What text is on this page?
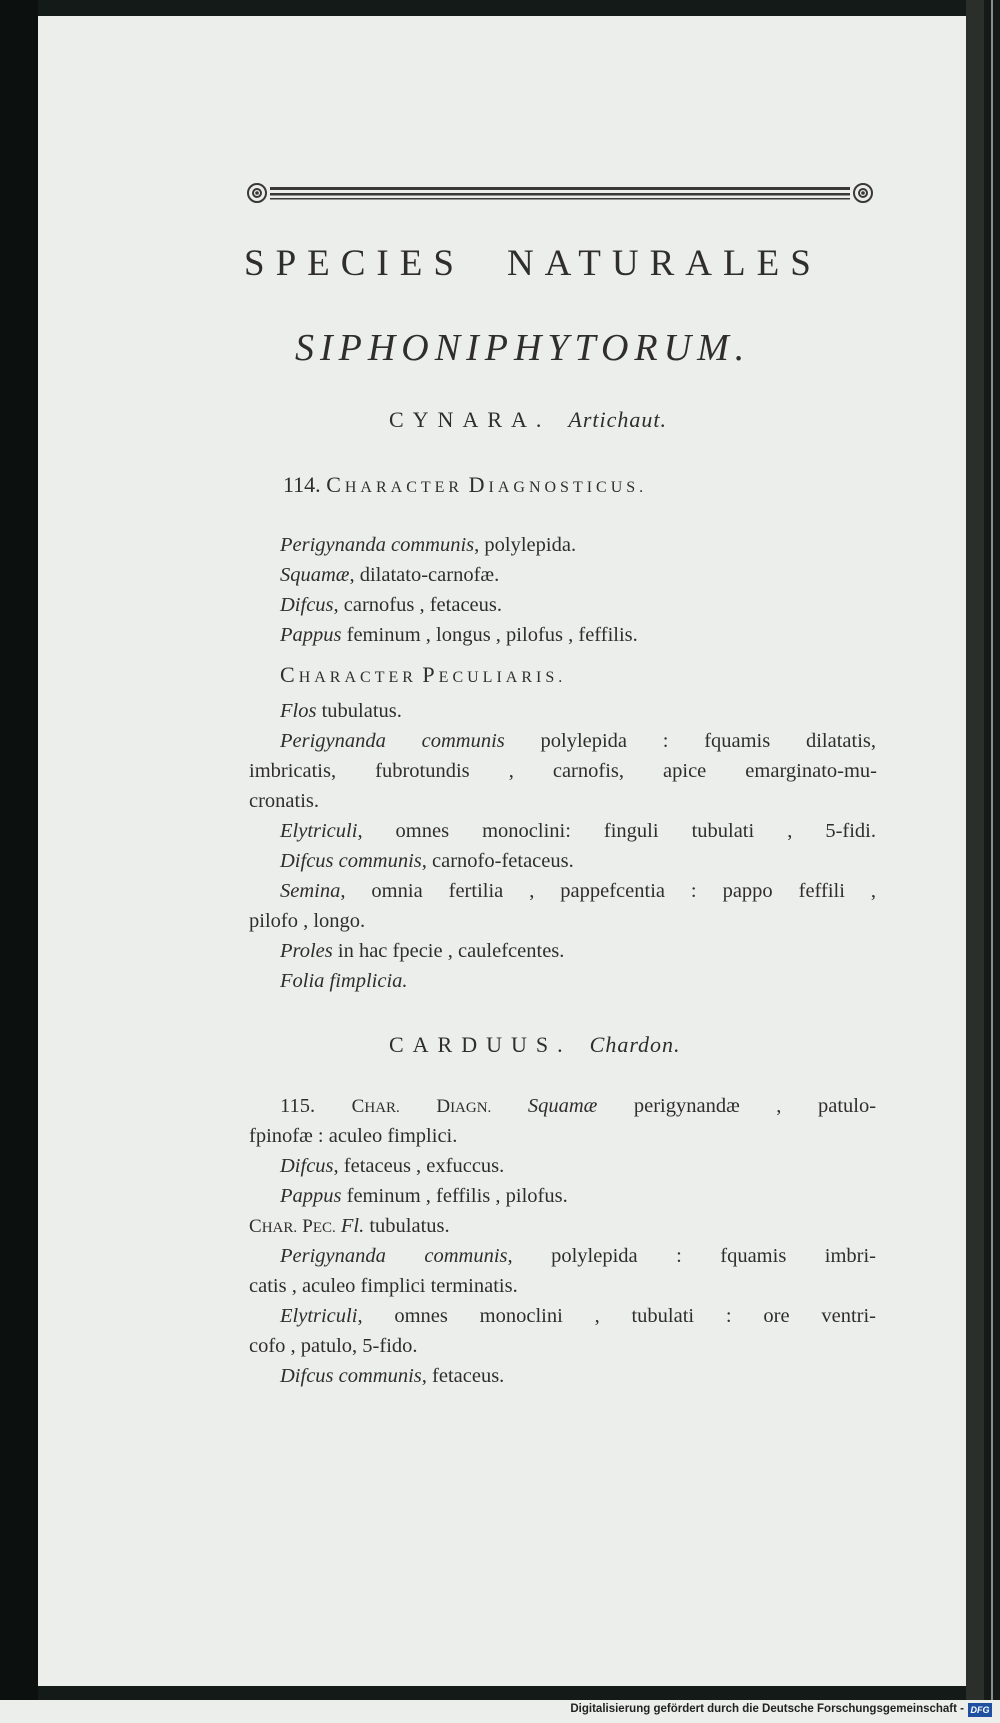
SPECIES NATURALES
SIPHONIPHYTORUM.
CYNARA. Artichaut.
114. CHARACTER DIAGNOSTICUS.
Perigynanda communis, polylepida.
Squamæ, dilatato-carnofæ.
Difcus, carnofus , fetaceus.
Pappus feminum , longus , pilofus , feffilis.
CHARACTER PECULIARIS.
Flos tubulatus.
Perigynanda communis polylepida : fquamis dilatatis,
imbricatis, fubrotundis , carnofis, apice emarginato-mu-
cronatis.
Elytriculi, omnes monoclini: finguli tubulati , 5-fidi.
Difcus communis, carnofo-fetaceus.
Semina, omnia fertilia , pappefcentia : pappo feffili ,
pilofo , longo.
Proles in hac fpecie , caulefcentes.
Folia fimplicia.
CARDUUS. Chardon.
115. CHAR. DIAGN. Squamæ perigynandæ , patulo-
fpinofæ : aculeo fimplici.
Difcus, fetaceus , exfuccus.
Pappus feminum , feffilis , pilofus.
CHAR. PEC. Fl. tubulatus.
Perigynanda communis, polylepida : fquamis imbri-
catis , aculeo fimplici terminatis.
Elytriculi, omnes monoclini , tubulati : ore ventri-
cofo , patulo, 5-fido.
Difcus communis, fetaceus.
Digitalisierung gefördert durch die Deutsche Forschungsgemeinschaft - DFG
